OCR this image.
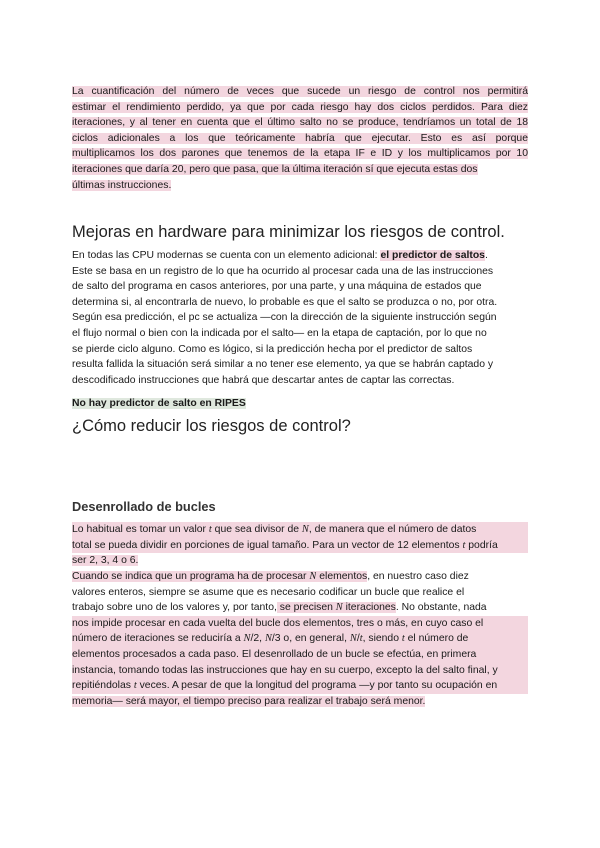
La cuantificación del número de veces que sucede un riesgo de control nos permitirá
estimar el rendimiento perdido, ya que por cada riesgo hay dos ciclos perdidos. Para diez
iteraciones, y al tener en cuenta que el último salto no se produce, tendríamos un total de 18
ciclos adicionales a los que teóricamente habría que ejecutar. Esto es así porque
multiplicamos los dos parones que tenemos de la etapa IF e ID y los multiplicamos por 10
iteraciones que daría 20, pero que pasa, que la última iteración sí que ejecuta estas dos
últimas instrucciones.

Mejoras en hardware para minimizar los riesgos de control.

En todas las CPU modernas se cuenta con un elemento adicional: el predictor de saltos.
Este se basa en un registro de lo que ha ocurrido al procesar cada una de las instrucciones
de salto del programa en casos anteriores, por una parte, y una máquina de estados que
determina si, al encontrarla de nuevo, lo probable es que el salto se produzca o no, por otra.
Según esa predicción, el pc se actualiza —con la dirección de la siguiente instrucción según
el flujo normal o bien con la indicada por el salto— en la etapa de captación, por lo que no
se pierde ciclo alguno. Como es lógico, si la predicción hecha por el predictor de saltos
resulta fallida la situación será similar a no tener ese elemento, ya que se habrán captado y
descodificado instrucciones que habrá que descartar antes de captar las correctas.

No hay predictor de salto en RIPES

¿Cómo reducir los riesgos de control?
Desenrollado de bucles

Lo habitual es tomar un valor t que sea divisor de N, de manera que el número de datos
total se pueda dividir en porciones de igual tamaño. Para un vector de 12 elementos t podría
ser 2, 3, 4 o 6.

Cuando se indica que un programa ha de procesar N elementos, en nuestro caso diez
valores enteros, siempre se asume que es necesario codificar un bucle que realice el
trabajo sobre uno de los valores y, por tanto, se precisen N iteraciones. No obstante, nada
nos impide procesar en cada vuelta del bucle dos elementos, tres o más, en cuyo caso el
número de iteraciones se reduciría a N/2, N/3 o, en general, N/t, siendo t el número de
elementos procesados a cada paso. El desenrollado de un bucle se efectúa, en primera
instancia, tomando todas las instrucciones que hay en su cuerpo, excepto la del salto final, y
repitiéndolas t veces. A pesar de que la longitud del programa —y por tanto su ocupación en
memoria— será mayor, el tiempo preciso para realizar el trabajo será menor.
